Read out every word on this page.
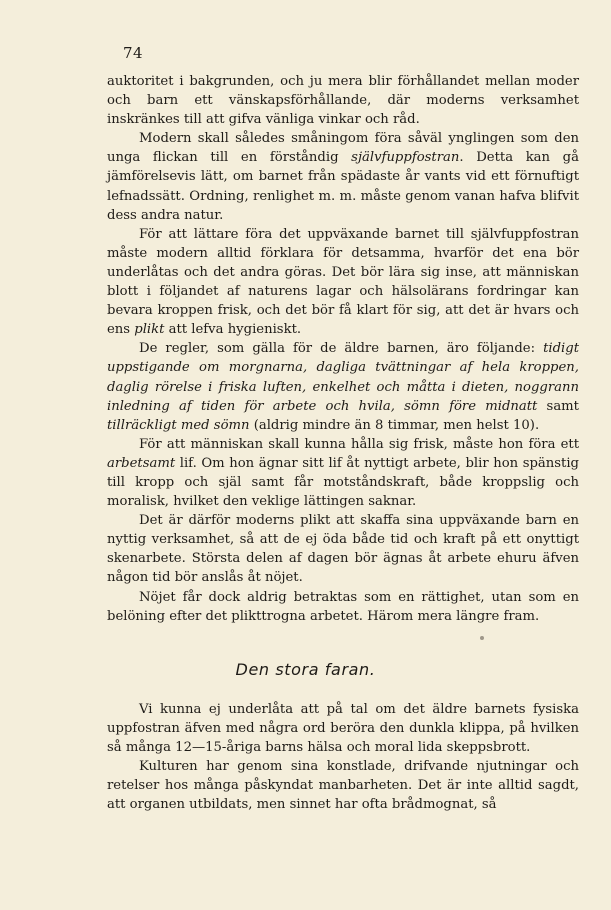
74

auktoritet i bakgrunden, och ju mera blir förhållandet mellan moder och barn ett vänskapsförhållande, där moderns verksamhet inskränkes till att gifva vänliga vinkar och råd.

Modern skall således småningom föra såväl ynglingen som den unga flickan till en förståndig självfuppfostran. Detta kan gå jämförelsevis lätt, om barnet från spädaste år vants vid ett förnuftigt lefnadssätt. Ordning, renlighet m. m. måste genom vanan hafva blifvit dess andra natur.

För att lättare föra det uppväxande barnet till självfuppfostran måste modern alltid förklara för detsamma, hvarför det ena bör underlåtas och det andra göras. Det bör lära sig inse, att människan blott i följandet af naturens lagar och hälsolärans fordringar kan bevara kroppen frisk, och det bör få klart för sig, att det är hvars och ens plikt att lefva hygieniskt.

De regler, som gälla för de äldre barnen, äro följande: tidigt uppstigande om morgnarna, dagliga tvättningar af hela kroppen, daglig rörelse i friska luften, enkelhet och måtta i dieten, noggrann inledning af tiden för arbete och hvila, sömn före midnatt samt tillräckligt med sömn (aldrig mindre än 8 timmar, men helst 10).

För att människan skall kunna hålla sig frisk, måste hon föra ett arbetsamt lif. Om hon ägnar sitt lif åt nyttigt arbete, blir hon spänstig till kropp och själ samt får motståndskraft, både kroppslig och moralisk, hvilket den veklige lättingen saknar.

Det är därför moderns plikt att skaffa sina uppväxande barn en nyttig verksamhet, så att de ej öda både tid och kraft på ett onyttigt skenarbete. Största delen af dagen bör ägnas åt arbete ehuru äfven någon tid bör anslås åt nöjet.

Nöjet får dock aldrig betraktas som en rättighet, utan som en belöning efter det plikttrogna arbetet. Härom mera längre fram.

Den stora faran.

Vi kunna ej underlåta att på tal om det äldre barnets fysiska uppfostran äfven med några ord beröra den dunkla klippa, på hvilken så många 12—15-åriga barns hälsa och moral lida skeppsbrott.

Kulturen har genom sina konstlade, drifvande njutningar och retelser hos många påskyndat manbarheten. Det är inte alltid sagdt, att organen utbildats, men sinnet har ofta brådmognat, så
